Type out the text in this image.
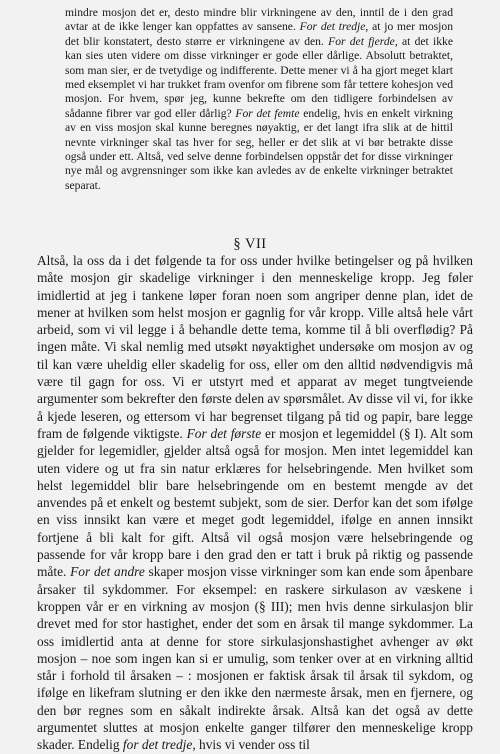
mindre mosjon det er, desto mindre blir virkningene av den, inntil de i den grad avtar at de ikke lenger kan oppfattes av sansene. For det tredje, at jo mer mosjon det blir konstatert, desto større er virkningene av den. For det fjerde, at det ikke kan sies uten videre om disse virkninger er gode eller dårlige. Absolutt betraktet, som man sier, er de tvetydige og indifferente. Dette mener vi å ha gjort meget klart med eksemplet vi har trukket fram ovenfor om fibrene som får tettere kohesjon ved mosjon. For hvem, spør jeg, kunne bekrefte om den tidligere forbindelsen av sådanne fibrer var god eller dårlig? For det femte endelig, hvis en enkelt virkning av en viss mosjon skal kunne beregnes nøyaktig, er det langt ifra slik at de hittil nevnte virkninger skal tas hver for seg, heller er det slik at vi bør betrakte disse også under ett. Altså, ved selve denne forbindelsen oppstår det for disse virkninger nye mål og avgrensninger som ikke kan avledes av de enkelte virkninger betraktet separat.

§ VII

Altså, la oss da i det følgende ta for oss under hvilke betingelser og på hvilken måte mosjon gir skadelige virkninger i den menneskelige kropp. Jeg føler imidlertid at jeg i tankene løper foran noen som angriper denne plan, idet de mener at hvilken som helst mosjon er gagnlig for vår kropp. Ville altså hele vårt arbeid, som vi vil legge i å behandle dette tema, komme til å bli overflødig? På ingen måte. Vi skal nemlig med utsøkt nøyaktighet undersøke om mosjon av og til kan være uheldig eller skadelig for oss, eller om den alltid nødvendigvis må være til gagn for oss. Vi er utstyrt med et apparat av meget tungtveiende argumenter som bekrefter den første delen av spørsmålet. Av disse vil vi, for ikke å kjede leseren, og ettersom vi har begrenset tilgang på tid og papir, bare legge fram de følgende viktigste. For det første er mosjon et legemiddel (§ I). Alt som gjelder for legemidler, gjelder altså også for mosjon. Men intet legemiddel kan uten videre og ut fra sin natur erklæres for helsebringende. Men hvilket som helst legemiddel blir bare helsebringende om en bestemt mengde av det anvendes på et enkelt og bestemt subjekt, som de sier. Derfor kan det som ifølge en viss innsikt kan være et meget godt legemiddel, ifølge en annen innsikt fortjene å bli kalt for gift. Altså vil også mosjon være helsebringende og passende for vår kropp bare i den grad den er tatt i bruk på riktig og passende måte. For det andre skaper mosjon visse virkninger som kan ende som åpenbare årsaker til sykdommer. For eksempel: en raskere sirkulason av væskene i kroppen vår er en virkning av mosjon (§ III); men hvis denne sirkulasjon blir drevet med for stor hastighet, ender det som en årsak til mange sykdommer. La oss imidlertid anta at denne for store sirkulasjonshastighet avhenger av økt mosjon – noe som ingen kan si er umulig, som tenker over at en virkning alltid står i forhold til årsaken – : mosjonen er faktisk årsak til årsak til sykdom, og ifølge en likefram slutning er den ikke den nærmeste årsak, men en fjernere, og den bør regnes som en såkalt indirekte årsak. Altså kan det også av dette argumentet sluttes at mosjon enkelte ganger tilfører den menneskelige kropp skader. Endelig for det tredje, hvis vi vender oss til
